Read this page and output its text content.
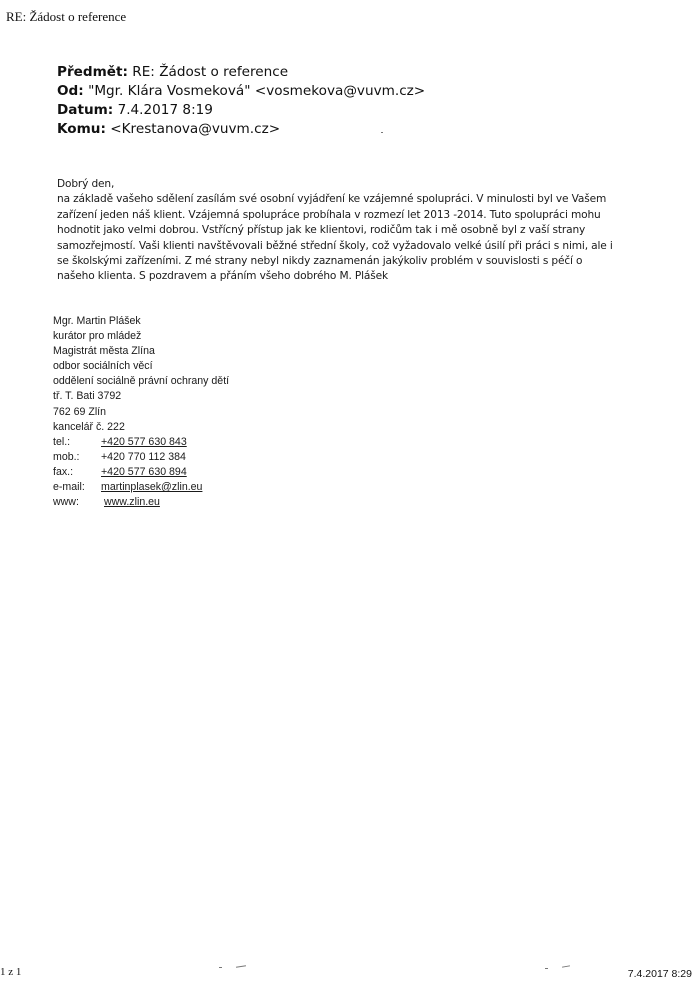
RE: Žádost o reference
Předmět: RE: Žádost o reference
Od: "Mgr. Klára Vosmeková" <vosmekova@vuvm.cz>
Datum: 7.4.2017 8:19
Komu: <Krestanova@vuvm.cz>
Dobrý den,
na základě vašeho sdělení zasílám své osobní vyjádření ke vzájemné spolupráci. V minulosti byl ve Vašem
zařízení jeden náš klient. Vzájemná spolupráce probíhala v rozmezí let 2013 -2014. Tuto spolupráci mohu
hodnotit jako velmi dobrou. Vstřícný přístup jak ke klientovi, rodičům tak i mě osobně byl z vaší strany
samozřejmostí. Vaši klienti navštěvovali běžné střední školy, což vyžadovalo velké úsilí při práci s nimi, ale i
se školskými zařízeními. Z mé strany nebyl nikdy zaznamenán jakýkoliv problém v souvislosti s péčí o
našeho klienta. S pozdravem a přáním všeho dobrého M. Plášek
Mgr. Martin Plášek
kurátor pro mládež
Magistrát města Zlína
odbor sociálních věcí
oddělení sociálně právní ochrany dětí
tř. T. Bati 3792
762 69 Zlín
kancelář č. 222
tel.:	+420 577 630 843
mob.: +420 770 112 384
fax.:	+420 577 630 894
e-mail: martinplasek@zlin.eu
www: www.zlin.eu
1 z 1	7.4.2017 8:29
